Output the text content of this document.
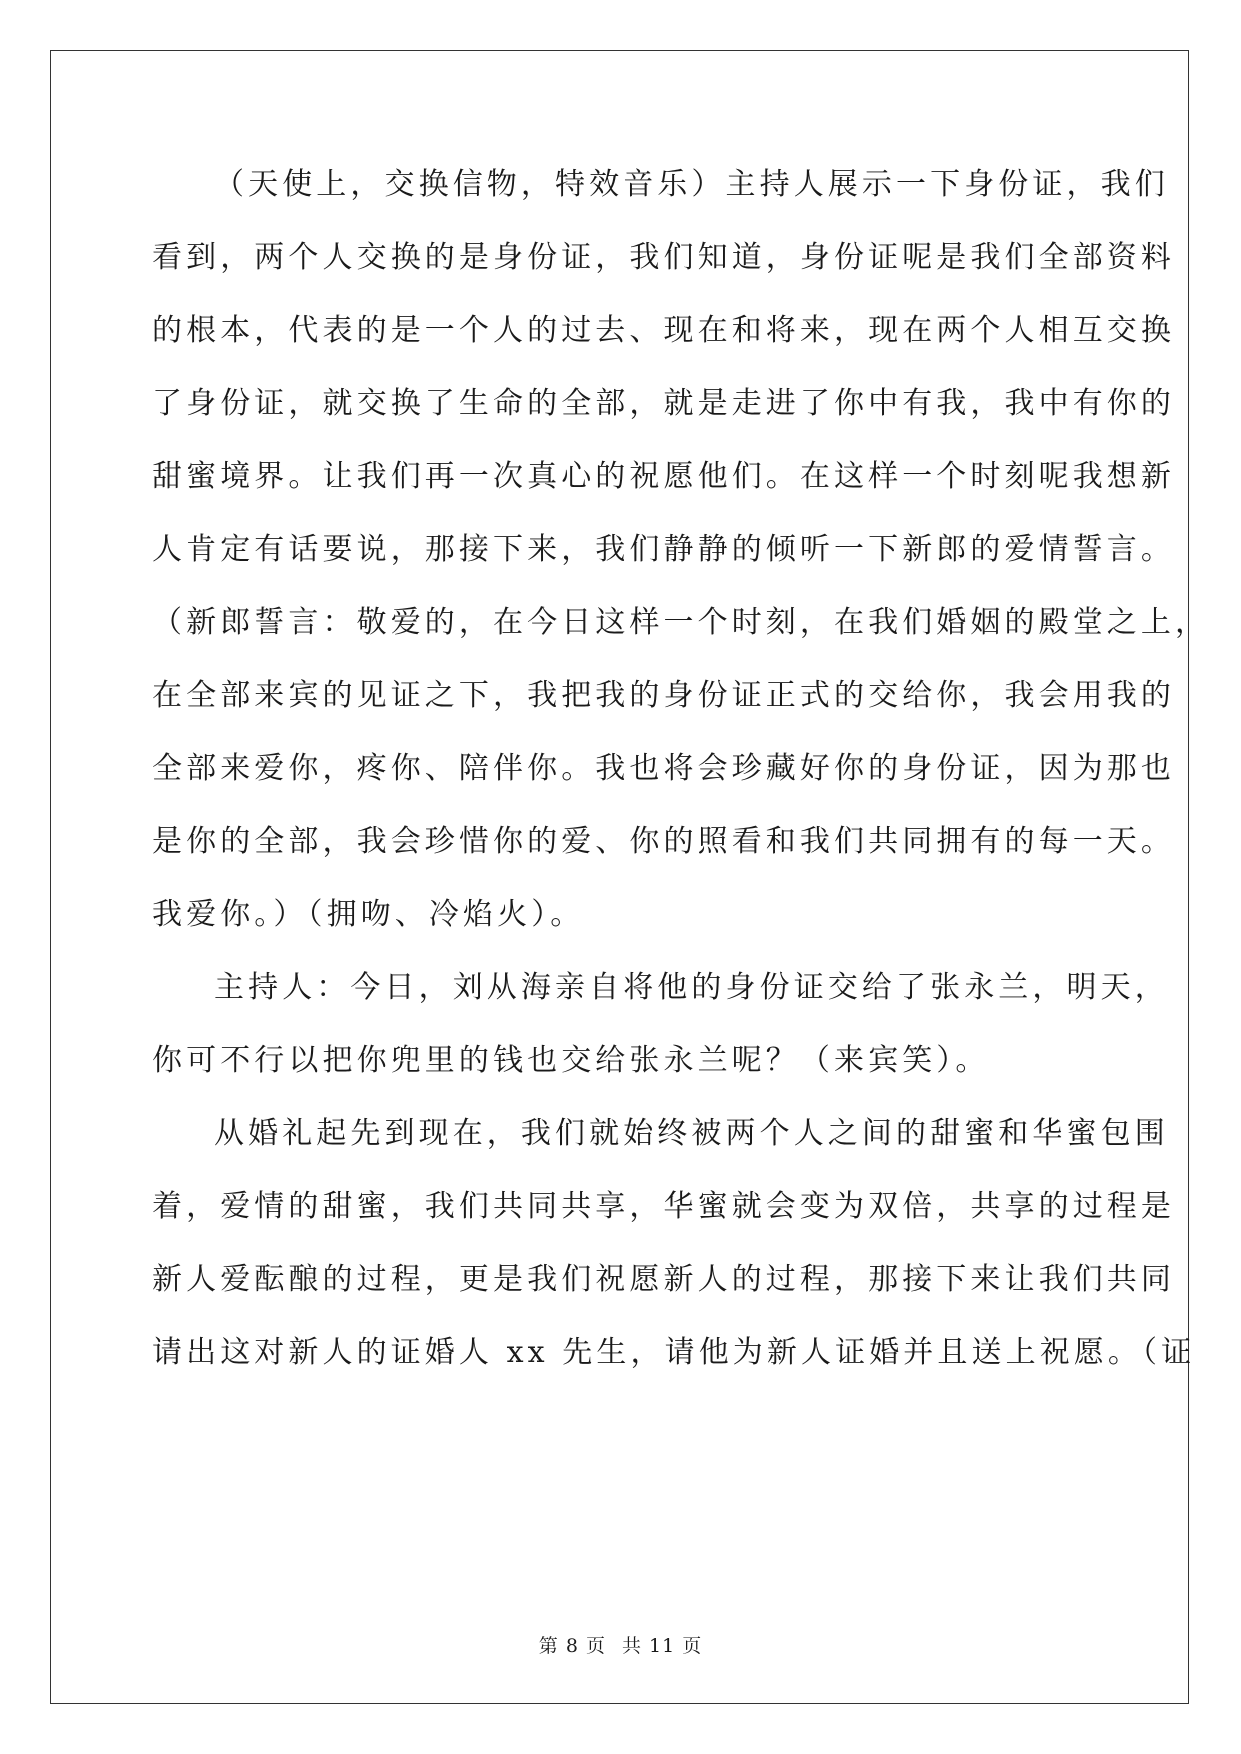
（天使上，交换信物，特效音乐）主持人展示一下身份证，我们
看到，两个人交换的是身份证，我们知道，身份证呢是我们全部资料
的根本，代表的是一个人的过去、现在和将来，现在两个人相互交换
了身份证，就交换了生命的全部，就是走进了你中有我，我中有你的
甜蜜境界。让我们再一次真心的祝愿他们。在这样一个时刻呢我想新
人肯定有话要说，那接下来，我们静静的倾听一下新郎的爱情誓言。
（新郎誓言：敬爱的，在今日这样一个时刻，在我们婚姻的殿堂之上，
在全部来宾的见证之下，我把我的身份证正式的交给你，我会用我的
全部来爱你，疼你、陪伴你。我也将会珍藏好你的身份证，因为那也
是你的全部，我会珍惜你的爱、你的照看和我们共同拥有的每一天。
我爱你。）（拥吻、冷焰火）。
主持人：今日，刘从海亲自将他的身份证交给了张永兰，明天，
你可不行以把你兜里的钱也交给张永兰呢？（来宾笑）。
从婚礼起先到现在，我们就始终被两个人之间的甜蜜和华蜜包围
着，爱情的甜蜜，我们共同共享，华蜜就会变为双倍，共享的过程是
新人爱酝酿的过程，更是我们祝愿新人的过程，那接下来让我们共同
请出这对新人的证婚人 xx 先生，请他为新人证婚并且送上祝愿。（证
第 8 页 共 11 页
